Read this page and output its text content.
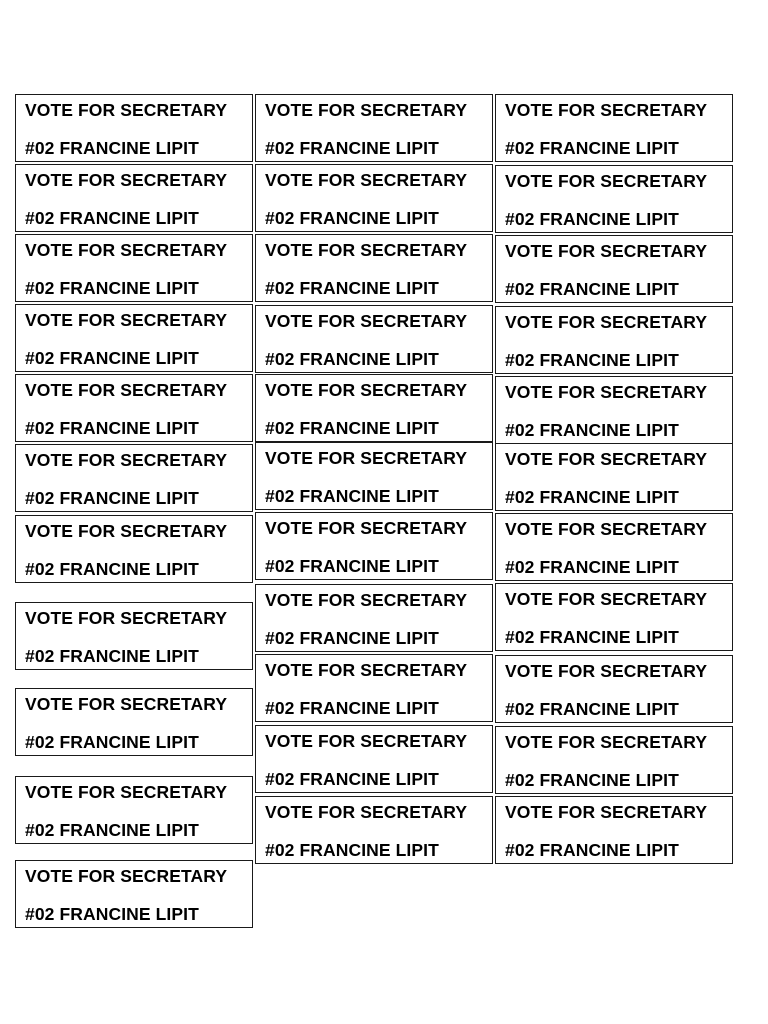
VOTE FOR SECRETARY
#02 FRANCINE LIPIT
VOTE FOR SECRETARY
#02 FRANCINE LIPIT
VOTE FOR SECRETARY
#02 FRANCINE LIPIT
VOTE FOR SECRETARY
#02 FRANCINE LIPIT
VOTE FOR SECRETARY
#02 FRANCINE LIPIT
VOTE FOR SECRETARY
#02 FRANCINE LIPIT
VOTE FOR SECRETARY
#02 FRANCINE LIPIT
VOTE FOR SECRETARY
#02 FRANCINE LIPIT
VOTE FOR SECRETARY
#02 FRANCINE LIPIT
VOTE FOR SECRETARY
#02 FRANCINE LIPIT
VOTE FOR SECRETARY
#02 FRANCINE LIPIT
VOTE FOR SECRETARY
#02 FRANCINE LIPIT
VOTE FOR SECRETARY
#02 FRANCINE LIPIT
VOTE FOR SECRETARY
#02 FRANCINE LIPIT
VOTE FOR SECRETARY
#02 FRANCINE LIPIT
VOTE FOR SECRETARY
#02 FRANCINE LIPIT
VOTE FOR SECRETARY
#02 FRANCINE LIPIT
VOTE FOR SECRETARY
#02 FRANCINE LIPIT
VOTE FOR SECRETARY
#02 FRANCINE LIPIT
VOTE FOR SECRETARY
#02 FRANCINE LIPIT
VOTE FOR SECRETARY
#02 FRANCINE LIPIT
VOTE FOR SECRETARY
#02 FRANCINE LIPIT
VOTE FOR SECRETARY
#02 FRANCINE LIPIT
VOTE FOR SECRETARY
#02 FRANCINE LIPIT
VOTE FOR SECRETARY
#02 FRANCINE LIPIT
VOTE FOR SECRETARY
#02 FRANCINE LIPIT
VOTE FOR SECRETARY
#02 FRANCINE LIPIT
VOTE FOR SECRETARY
#02 FRANCINE LIPIT
VOTE FOR SECRETARY
#02 FRANCINE LIPIT
VOTE FOR SECRETARY
#02 FRANCINE LIPIT
VOTE FOR SECRETARY
#02 FRANCINE LIPIT
VOTE FOR SECRETARY
#02 FRANCINE LIPIT
VOTE FOR SECRETARY
#02 FRANCINE LIPIT
